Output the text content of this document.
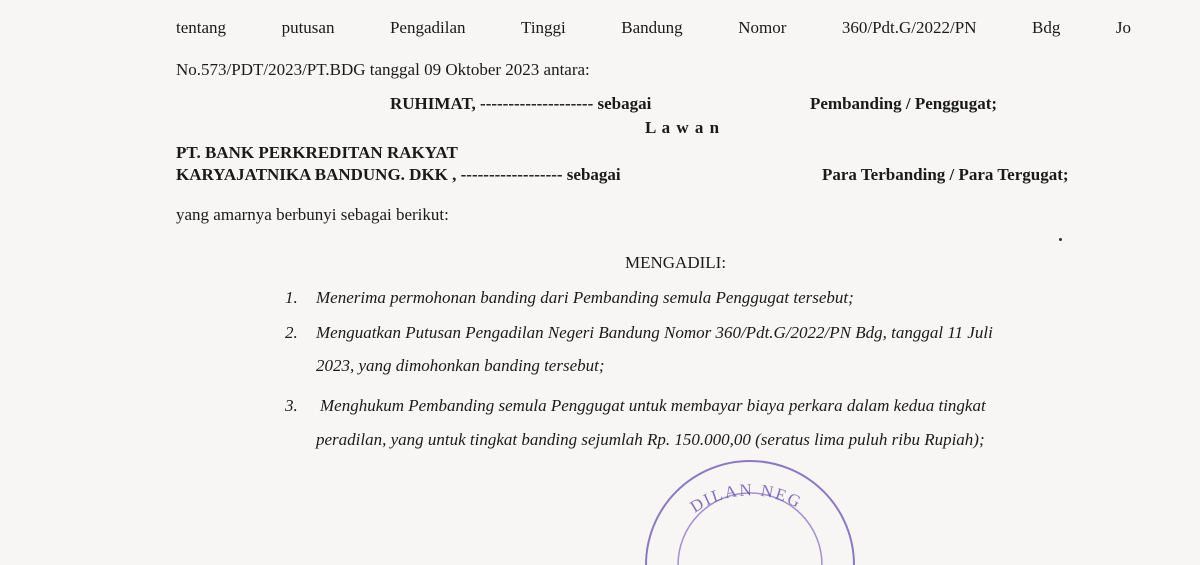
tentang	putusan	Pengadilan	Tinggi	Bandung	Nomor	360/Pdt.G/2022/PN	Bdg	Jo
No.573/PDT/2023/PT.BDG tanggal 09 Oktober 2023 antara:
RUHIMAT, -------------------- sebagai	Pembanding / Penggugat;
L a w a n
PT. BANK PERKREDITAN RAKYAT
KARYAJATNIKA BANDUNG. DKK , ------------------ sebagai	Para Terbanding / Para Tergugat;
yang amarnya berbunyi sebagai berikut:
MENGADILI:
1. Menerima permohonan banding dari Pembanding semula Penggugat tersebut;
2. Menguatkan Putusan Pengadilan Negeri Bandung Nomor 360/Pdt.G/2022/PN Bdg, tanggal 11 Juli
2023, yang dimohonkan banding tersebut;
3. Menghukum Pembanding semula Penggugat untuk membayar biaya perkara dalam kedua tingkat
peradilan, yang untuk tingkat banding sejumlah Rp. 150.000,00 (seratus lima puluh ribu Rupiah);
DILAN NEG
